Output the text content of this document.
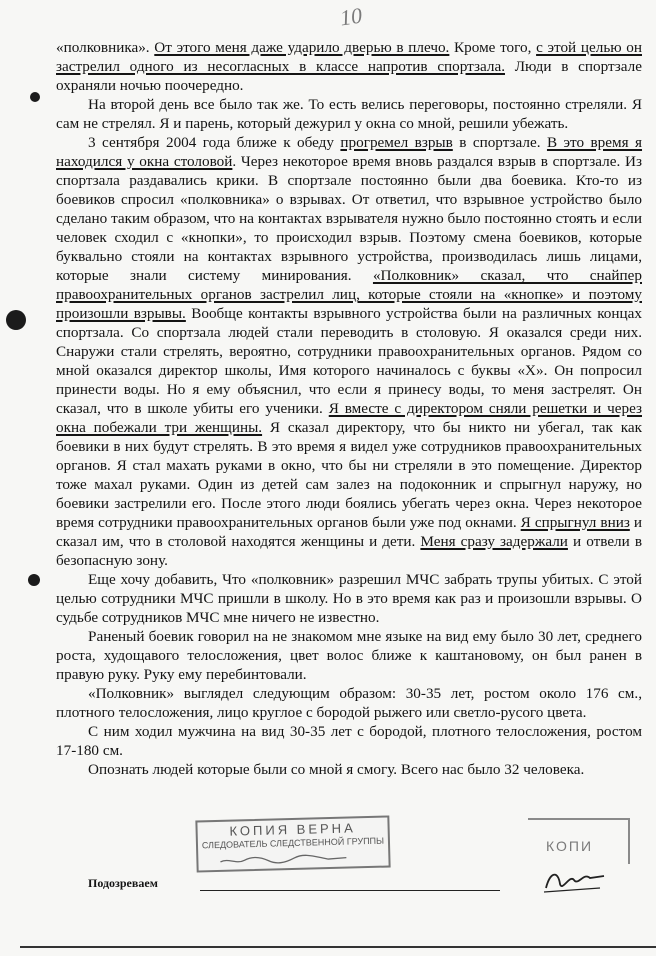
10

«полковника». От этого меня даже ударило дверью в плечо. Кроме того, с этой целью он застрелил одного из несогласных в классе напротив спортзала. Люди в спортзале охраняли ночью поочередно.

На второй день все было так же. То есть велись переговоры, постоянно стреляли. Я сам не стрелял. Я и парень, который дежурил у окна со мной, решили убежать.

3 сентября 2004 года ближе к обеду прогремел взрыв в спортзале. В это время я находился у окна столовой. Через некоторое время вновь раздался взрыв в спортзале. Из спортзала раздавались крики. В спортзале постоянно были два боевика. Кто-то из боевиков спросил «полковника» о взрывах. От ответил, что взрывное устройство было сделано таким образом, что на контактах взрывателя нужно было постоянно стоять и если человек сходил с «кнопки», то происходил взрыв. Поэтому смена боевиков, которые буквально стояли на контактах взрывного устройства, производилась лишь лицами, которые знали систему минирования. «Полковник» сказал, что снайпер правоохранительных органов застрелил лиц, которые стояли на «кнопке» и поэтому произошли взрывы. Вообще контакты взрывного устройства были на различных концах спортзала. Со спортзала людей стали переводить в столовую. Я оказался среди них. Снаружи стали стрелять, вероятно, сотрудники правоохранительных органов. Рядом со мной оказался директор школы, Имя которого начиналось с буквы «Х». Он попросил принести воды. Но я ему объяснил, что если я принесу воды, то меня застрелят. Он сказал, что в школе убиты его ученики. Я вместе с директором сняли решетки и через окна побежали три женщины. Я сказал директору, что бы никто ни убегал, так как боевики в них будут стрелять. В это время я видел уже сотрудников правоохранительных органов. Я стал махать руками в окно, что бы ни стреляли в это помещение. Директор тоже махал руками. Один из детей сам залез на подоконник и спрыгнул наружу, но боевики застрелили его. После этого люди боялись убегать через окна. Через некоторое время сотрудники правоохранительных органов были уже под окнами. Я спрыгнул вниз и сказал им, что в столовой находятся женщины и дети. Меня сразу задержали и отвели в безопасную зону.

Еще хочу добавить, Что «полковник» разрешил МЧС забрать трупы убитых. С этой целью сотрудники МЧС пришли в школу. Но в это время как раз и произошли взрывы. О судьбе сотрудников МЧС мне ничего не известно.

Раненый боевик говорил на не знакомом мне языке на вид ему было 30 лет, среднего роста, худощавого телосложения, цвет волос ближе к каштановому, он был ранен в правую руку. Руку ему перебинтовали.

«Полковник» выглядел следующим образом: 30-35 лет, ростом около 176 см., плотного телосложения, лицо круглое с бородой рыжего или светло-русого цвета.

С ним ходил мужчина на вид 30-35 лет с бородой, плотного телосложения, ростом 17-180 см.

Опознать людей которые были со мной я смогу. Всего нас было 32 человека.

КОПИЯ ВЕРНА
СЛЕДОВАТЕЛЬ СЛЕДСТВЕННОЙ ГРУППЫ	КОПИ
Подозреваем
